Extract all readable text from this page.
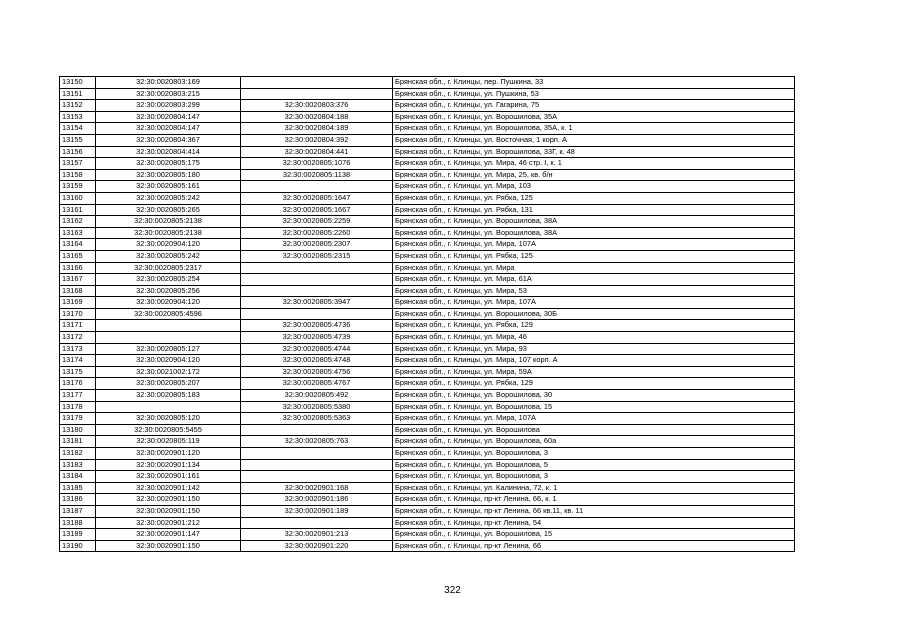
13150	32:30:0020803:169		Брянская обл., г. Клинцы, пер. Пушкина, 33
13151	32:30:0020803:215		Брянская обл., г. Клинцы, ул. Пушкина, 53
13152	32:30:0020803:299	32:30:0020803:376	Брянская обл., г. Клинцы, ул. Гагарина, 75
13153	32:30:0020804:147	32:30:0020804:188	Брянская обл., г. Клинцы, ул. Ворошилова, 35А
13154	32:30:0020804:147	32:30:0020804:189	Брянская обл., г. Клинцы, ул. Ворошилова, 35А, к. 1
13155	32:30:0020804:367	32:30:0020804:392	Брянская обл., г. Клинцы, ул. Восточная, 1 корп. А
13156	32:30:0020804:414	32:30:0020804:441	Брянская обл., г. Клинцы, ул. Ворошилова, 33Г, к. 48
13157	32:30:0020805:175	32:30:0020805:1076	Брянская обл., г. Клинцы, ул. Мира, 46 стр. I, к. 1
13158	32:30:0020805:180	32:30:0020805:1138	Брянская обл., г. Клинцы, ул. Мира, 25, кв. б/н
13159	32:30:0020805:161		Брянская обл., г. Клинцы, ул. Мира, 103
13160	32:30:0020805:242	32:30:0020805:1647	Брянская обл., г. Клинцы, ул. Рябка, 125
13161	32:30:0020805:265	32:30:0020805:1667	Брянская обл., г. Клинцы, ул. Рябка, 131
13162	32:30:0020805:2138	32:30:0020805:2259	Брянская обл., г. Клинцы, ул. Ворошилова, 38А
13163	32:30:0020805:2138	32:30:0020805:2260	Брянская обл., г. Клинцы, ул. Ворошилова, 38А
13164	32:30:0020904:120	32:30:0020805:2307	Брянская обл., г. Клинцы, ул. Мира, 107А
13165	32:30:0020805:242	32:30:0020805:2315	Брянская обл., г. Клинцы, ул. Рябка, 125
13166	32:30:0020805:2317		Брянская обл., г. Клинцы, ул. Мира
13167	32:30:0020805:254		Брянская обл., г. Клинцы, ул. Мира, 61А
13168	32:30:0020805:256		Брянская обл., г. Клинцы, ул. Мира, 53
13169	32:30:0020904:120	32:30:0020805:3947	Брянская обл., г. Клинцы, ул. Мира, 107А
13170	32:30:0020805:4596		Брянская обл., г. Клинцы, ул. Ворошилова, 30Б
13171		32:30:0020805:4736	Брянская обл., г. Клинцы, ул. Рябка, 129
13172		32:30:0020805:4739	Брянская обл., г. Клинцы, ул. Мира, 46
13173	32:30:0020805:127	32:30:0020805:4744	Брянская обл., г. Клинцы, ул. Мира, 93
13174	32:30:0020904:120	32:30:0020805:4748	Брянская обл., г. Клинцы, ул. Мира, 107 корп. А
13175	32:30:0021002:172	32:30:0020805:4756	Брянская обл., г. Клинцы, ул. Мира, 59А
13176	32:30:0020805:207	32:30:0020805:4767	Брянская обл., г. Клинцы, ул. Рябка, 129
13177	32:30:0020805:183	32:30:0020805:492	Брянская обл., г. Клинцы, ул. Ворошилова, 30
13178		32:30:0020805:5380	Брянская обл., г. Клинцы, ул. Ворошилова, 15
13179	32:30:0020805:120	32:30:0020805:5363	Брянская обл., г. Клинцы, ул. Мира, 107А
13180	32:30:0020805:5455		Брянская обл., г. Клинцы, ул. Ворошилова
13181	32:30:0020805:119	32:30:0020805:763	Брянская обл., г. Клинцы, ул. Ворошилова, 60а
13182	32:30:0020901:120		Брянская обл., г. Клинцы, ул. Ворошилова, 3
13183	32:30:0020901:134		Брянская обл., г. Клинцы, ул. Ворошилова, 5
13184	32:30:0020901:161		Брянская обл., г. Клинцы, ул. Ворошилова, 3
13185	32:30:0020901:142	32:30:0020901:168	Брянская обл., г. Клинцы, ул. Калинина, 72, к. 1
13186	32:30:0020901:150	32:30:0020901:186	Брянская обл., г. Клинцы, пр-кт Ленина, 66, к. 1
13187	32:30:0020901:150	32:30:0020901:189	Брянская обл., г. Клинцы, пр-кт Ленина, 66 кв.11, кв. 11
13188	32:30:0020901:212		Брянская обл., г. Клинцы, пр-кт Ленина, 54
13189	32:30:0020901:147	32:30:0020901:213	Брянская обл., г. Клинцы, ул. Ворошилова, 15
13190	32:30:0020901:150	32:30:0020901:220	Брянская обл., г. Клинцы, пр-кт Ленина, 66
322
